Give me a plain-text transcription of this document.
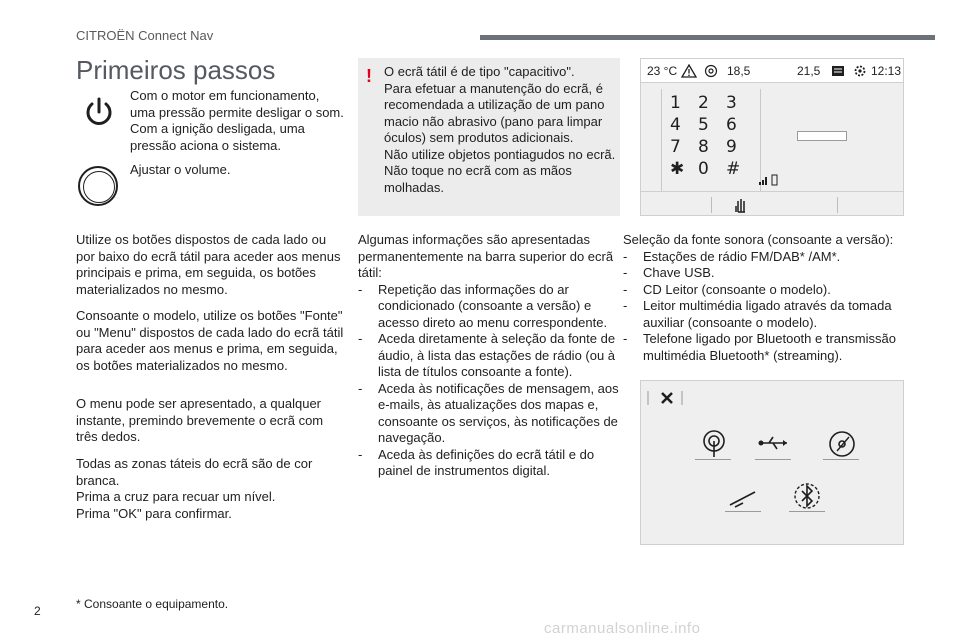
CITROËN Connect Nav
Primeiros passos
Com o motor em funcionamento, uma pressão permite desligar o som. Com a ignição desligada, uma pressão aciona o sistema.
Ajustar o volume.
Utilize os botões dispostos de cada lado ou por baixo do ecrã tátil para aceder aos menus principais e prima, em seguida, os botões materializados no mesmo.
Consoante o modelo, utilize os botões "Fonte" ou "Menu" dispostos de cada lado do ecrã tátil para aceder aos menus e prima, em seguida, os botões materializados no mesmo.
O menu pode ser apresentado, a qualquer instante, premindo brevemente o ecrã com três dedos.
Todas as zonas táteis do ecrã são de cor branca.
Prima a cruz para recuar um nível.
Prima "OK" para confirmar.
! O ecrã tátil é de tipo "capacitivo".
Para efetuar a manutenção do ecrã, é recomendada a utilização de um pano macio não abrasivo (pano para limpar óculos) sem produtos adicionais.
Não utilize objetos pontiagudos no ecrã.
Não toque no ecrã com as mãos molhadas.
Algumas informações são apresentadas permanentemente na barra superior do ecrã tátil:
- Repetição das informações do ar condicionado (consoante a versão) e acesso direto ao menu correspondente.
- Aceda diretamente à seleção da fonte de áudio, à lista das estações de rádio (ou à lista de títulos consoante a fonte).
- Aceda às notificações de mensagem, aos e-mails, às atualizações dos mapas e, consoante os serviços, às notificações de navegação.
- Aceda às definições do ecrã tátil e do painel de instrumentos digital.
23 °C	18,5	21,5	12:13
1 2 3
4 5 6
7 8 9
✱ 0 #
Seleção da fonte sonora (consoante a versão):
- Estações de rádio FM/DAB* /AM*.
- Chave USB.
- CD Leitor (consoante o modelo).
- Leitor multimédia ligado através da tomada auxiliar (consoante o modelo).
- Telefone ligado por Bluetooth e transmissão multimédia Bluetooth* (streaming).
* Consoante o equipamento.
2
carmanualsonline.info
